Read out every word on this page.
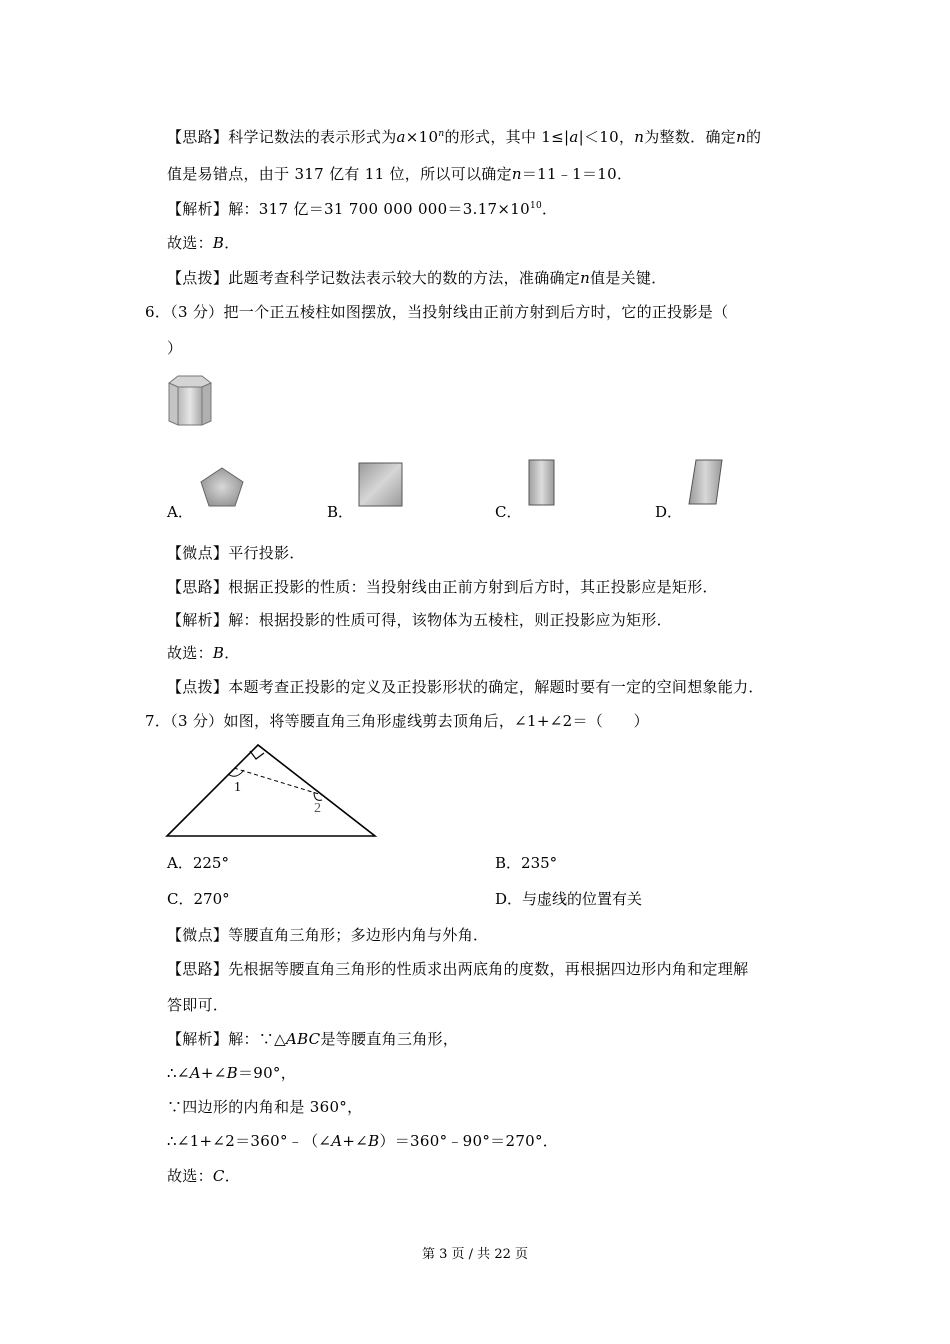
【思路】科学记数法的表示形式为$a\times 10^n$的形式，其中 1≤|a|＜10，n为整数．确定n的
值是易错点，由于 317 亿有 11 位，所以可以确定n＝11﹣1＝10．
【解析】解：317 亿＝31 700 000 $000=3.17\times 10^{10}$．
故选：B．
【点拨】此题考查科学记数法表示较大的数的方法，准确确定n值是关键．
6．（3 分）把一个正五棱柱如图摆放，当投射线由正前方射到后方时，它的正投影是（
）
A．	B．	C．	D．
【微点】平行投影．
【思路】根据正投影的性质：当投射线由正前方射到后方时，其正投影应是矩形．
【解析】解：根据投影的性质可得，该物体为五棱柱，则正投影应为矩形．
故选：B．
【点拨】本题考查正投影的定义及正投影形状的确定，解题时要有一定的空间想象能力．
7．（3 分）如图，将等腰直角三角形虚线剪去顶角后，∠1+∠2＝（　　）
1
2
A．225°	B．235°
C．270°	D．与虚线的位置有关
【微点】等腰直角三角形；多边形内角与外角．
【思路】先根据等腰直角三角形的性质求出两底角的度数，再根据四边形内角和定理解
答即可．
【解析】解：∵△ABC是等腰直角三角形，
∴∠A+∠B＝90°，
∵四边形的内角和是 360°，
∴∠1+∠2＝360°﹣（∠A+∠B）＝360°﹣90°＝270°．
故选：C．
第 3 页 / 共 22 页
